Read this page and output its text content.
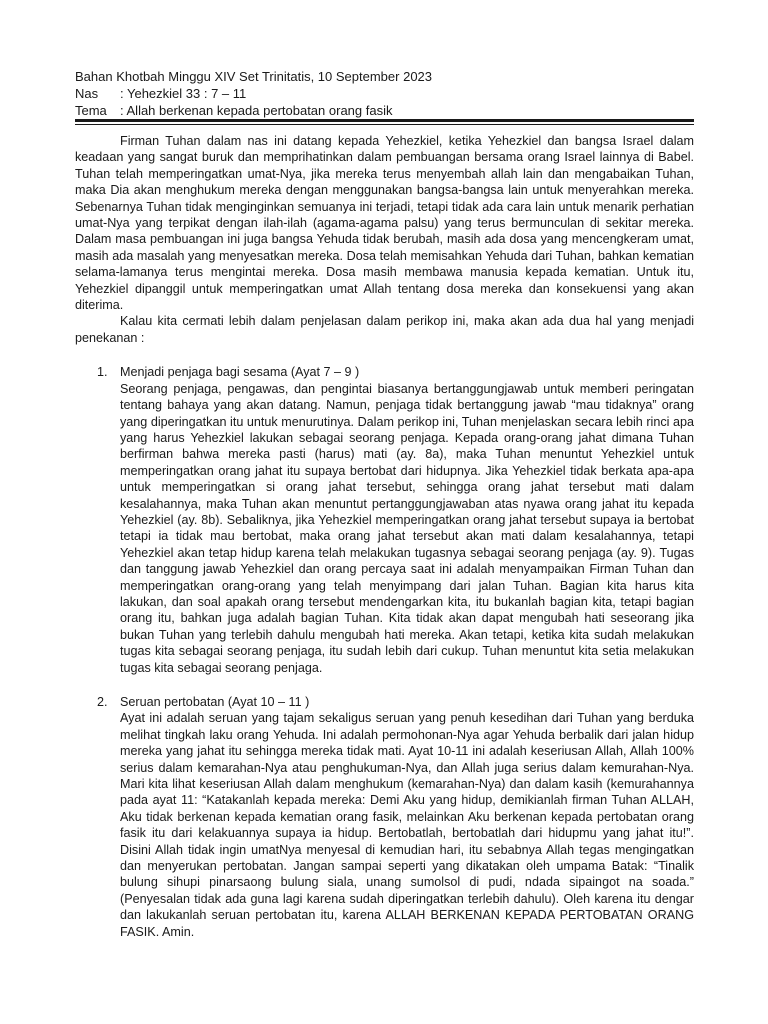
Bahan Khotbah Minggu XIV Set Trinitatis, 10 September 2023
Nas : Yehezkiel 33 : 7 – 11
Tema : Allah berkenan kepada pertobatan orang fasik

Firman Tuhan dalam nas ini datang kepada Yehezkiel, ketika Yehezkiel dan bangsa Israel dalam keadaan yang sangat buruk dan memprihatinkan dalam pembuangan bersama orang Israel lainnya di Babel. Tuhan telah memperingatkan umat-Nya, jika mereka terus menyembah allah lain dan mengabaikan Tuhan, maka Dia akan menghukum mereka dengan menggunakan bangsa-bangsa lain untuk menyerahkan mereka. Sebenarnya Tuhan tidak menginginkan semuanya ini terjadi, tetapi tidak ada cara lain untuk menarik perhatian umat-Nya yang terpikat dengan ilah-ilah (agama-agama palsu) yang terus bermunculan di sekitar mereka. Dalam masa pembuangan ini juga bangsa Yehuda tidak berubah, masih ada dosa yang mencengkeram umat, masih ada masalah yang menyesatkan mereka. Dosa telah memisahkan Yehuda dari Tuhan, bahkan kematian selama-lamanya terus mengintai mereka. Dosa masih membawa manusia kepada kematian. Untuk itu, Yehezkiel dipanggil untuk memperingatkan umat Allah tentang dosa mereka dan konsekuensi yang akan diterima.

Kalau kita cermati lebih dalam penjelasan dalam perikop ini, maka akan ada dua hal yang menjadi penekanan :

1. Menjadi penjaga bagi sesama (Ayat 7 – 9 )

Seorang penjaga, pengawas, dan pengintai biasanya bertanggungjawab untuk memberi peringatan tentang bahaya yang akan datang. Namun, penjaga tidak bertanggung jawab “mau tidaknya” orang yang diperingatkan itu untuk menurutinya. Dalam perikop ini, Tuhan menjelaskan secara lebih rinci apa yang harus Yehezkiel lakukan sebagai seorang penjaga. Kepada orang-orang jahat dimana Tuhan berfirman bahwa mereka pasti (harus) mati (ay. 8a), maka Tuhan menuntut Yehezkiel untuk memperingatkan orang jahat itu supaya bertobat dari hidupnya. Jika Yehezkiel tidak berkata apa-apa untuk memperingatkan si orang jahat tersebut, sehingga orang jahat tersebut mati dalam kesalahannya, maka Tuhan akan menuntut pertanggungjawaban atas nyawa orang jahat itu kepada Yehezkiel (ay. 8b). Sebaliknya, jika Yehezkiel memperingatkan orang jahat tersebut supaya ia bertobat tetapi ia tidak mau bertobat, maka orang jahat tersebut akan mati dalam kesalahannya, tetapi Yehezkiel akan tetap hidup karena telah melakukan tugasnya sebagai seorang penjaga (ay. 9). Tugas dan tanggung jawab Yehezkiel dan orang percaya saat ini adalah menyampaikan Firman Tuhan dan memperingatkan orang-orang yang telah menyimpang dari jalan Tuhan. Bagian kita harus kita lakukan, dan soal apakah orang tersebut mendengarkan kita, itu bukanlah bagian kita, tetapi bagian orang itu, bahkan juga adalah bagian Tuhan. Kita tidak akan dapat mengubah hati seseorang jika bukan Tuhan yang terlebih dahulu mengubah hati mereka. Akan tetapi, ketika kita sudah melakukan tugas kita sebagai seorang penjaga, itu sudah lebih dari cukup. Tuhan menuntut kita setia melakukan tugas kita sebagai seorang penjaga.

2. Seruan pertobatan (Ayat 10 – 11 )

Ayat ini adalah seruan yang tajam sekaligus seruan yang penuh kesedihan dari Tuhan yang berduka melihat tingkah laku orang Yehuda. Ini adalah permohonan-Nya agar Yehuda berbalik dari jalan hidup mereka yang jahat itu sehingga mereka tidak mati. Ayat 10-11 ini adalah keseriusan Allah, Allah 100% serius dalam kemarahan-Nya atau penghukuman-Nya, dan Allah juga serius dalam kemurahan-Nya. Mari kita lihat keseriusan Allah dalam menghukum (kemarahan-Nya) dan dalam kasih (kemurahannya pada ayat 11: “Katakanlah kepada mereka: Demi Aku yang hidup, demikianlah firman Tuhan ALLAH, Aku tidak berkenan kepada kematian orang fasik, melainkan Aku berkenan kepada pertobatan orang fasik itu dari kelakuannya supaya ia hidup. Bertobatlah, bertobatlah dari hidupmu yang jahat itu!”. Disini Allah tidak ingin umatNya menyesal di kemudian hari, itu sebabnya Allah tegas mengingatkan dan menyerukan pertobatan. Jangan sampai seperti yang dikatakan oleh umpama Batak: “Tinalik bulung sihupi pinarsaong bulung siala, unang sumolsol di pudi, ndada sipaingot na soada.” (Penyesalan tidak ada guna lagi karena sudah diperingatkan terlebih dahulu). Oleh karena itu dengar dan lakukanlah seruan pertobatan itu, karena ALLAH BERKENAN KEPADA PERTOBATAN ORANG FASIK. Amin.
